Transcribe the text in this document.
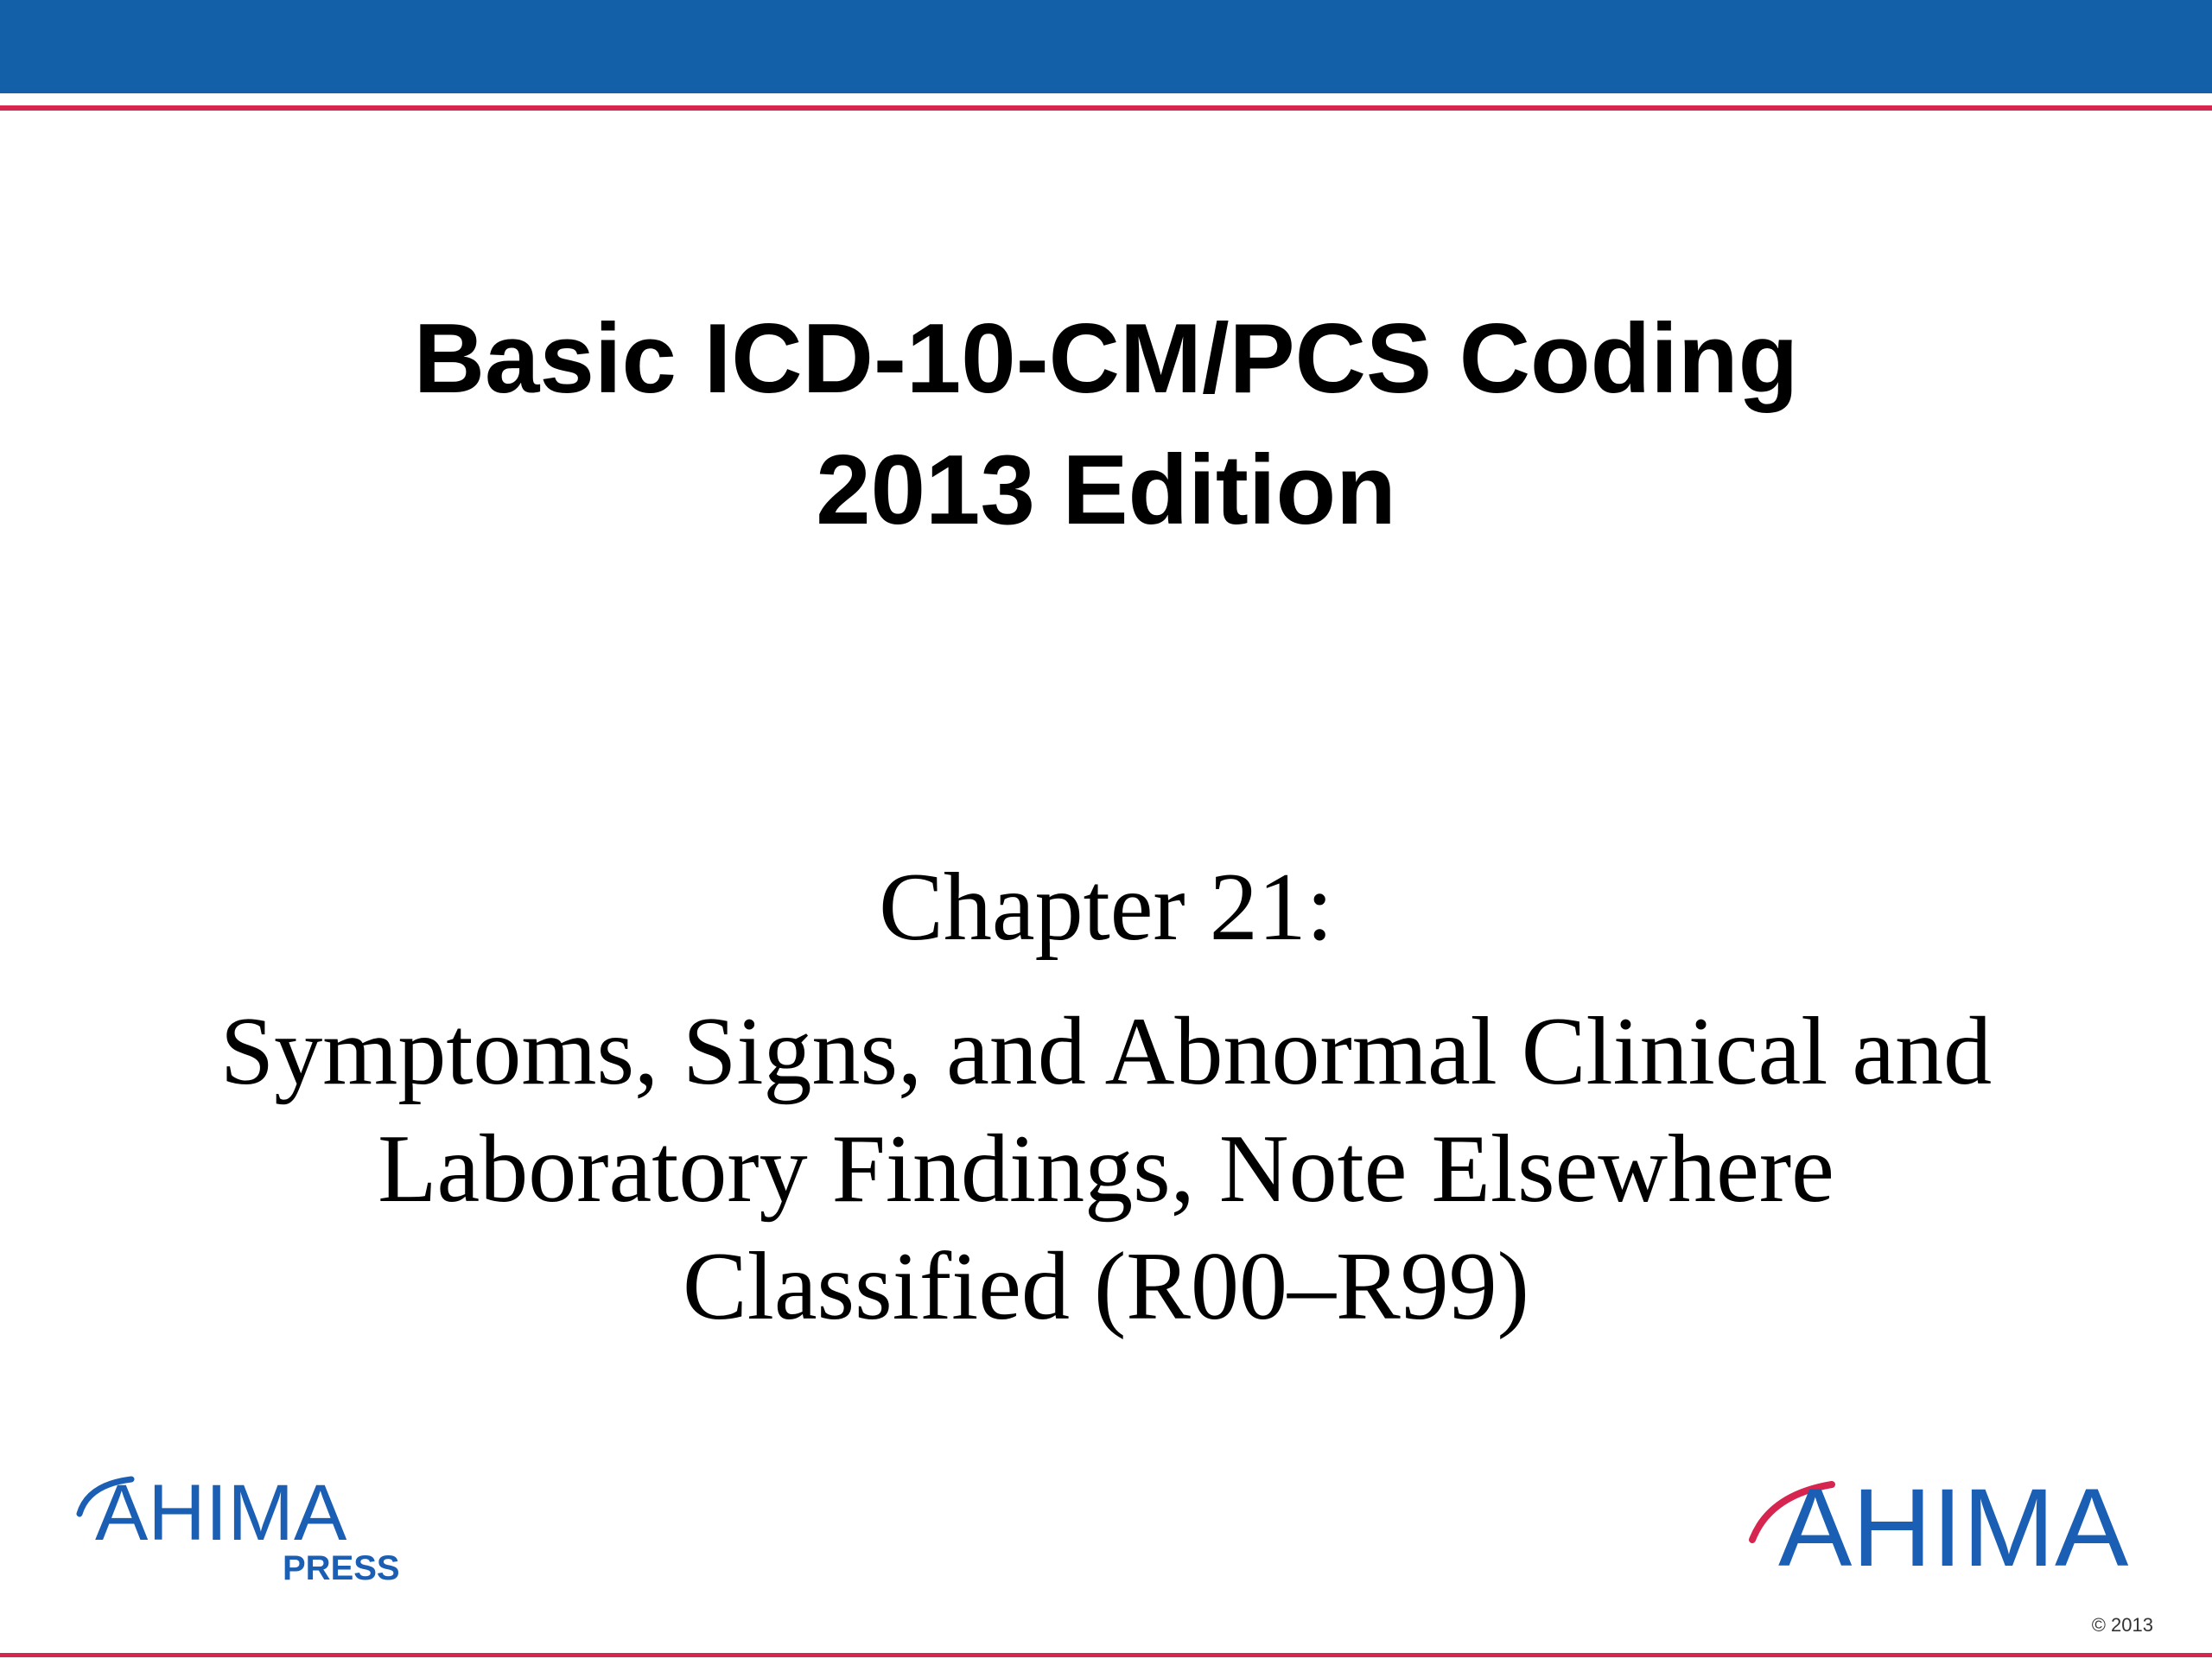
Basic ICD-10-CM/PCS Coding
2013 Edition
Chapter 21:
Symptoms, Signs, and Abnormal Clinical and
Laboratory Findings, Note Elsewhere
Classified (R00–R99)
AHIMA
PRESS	AHIMA
© 2013
